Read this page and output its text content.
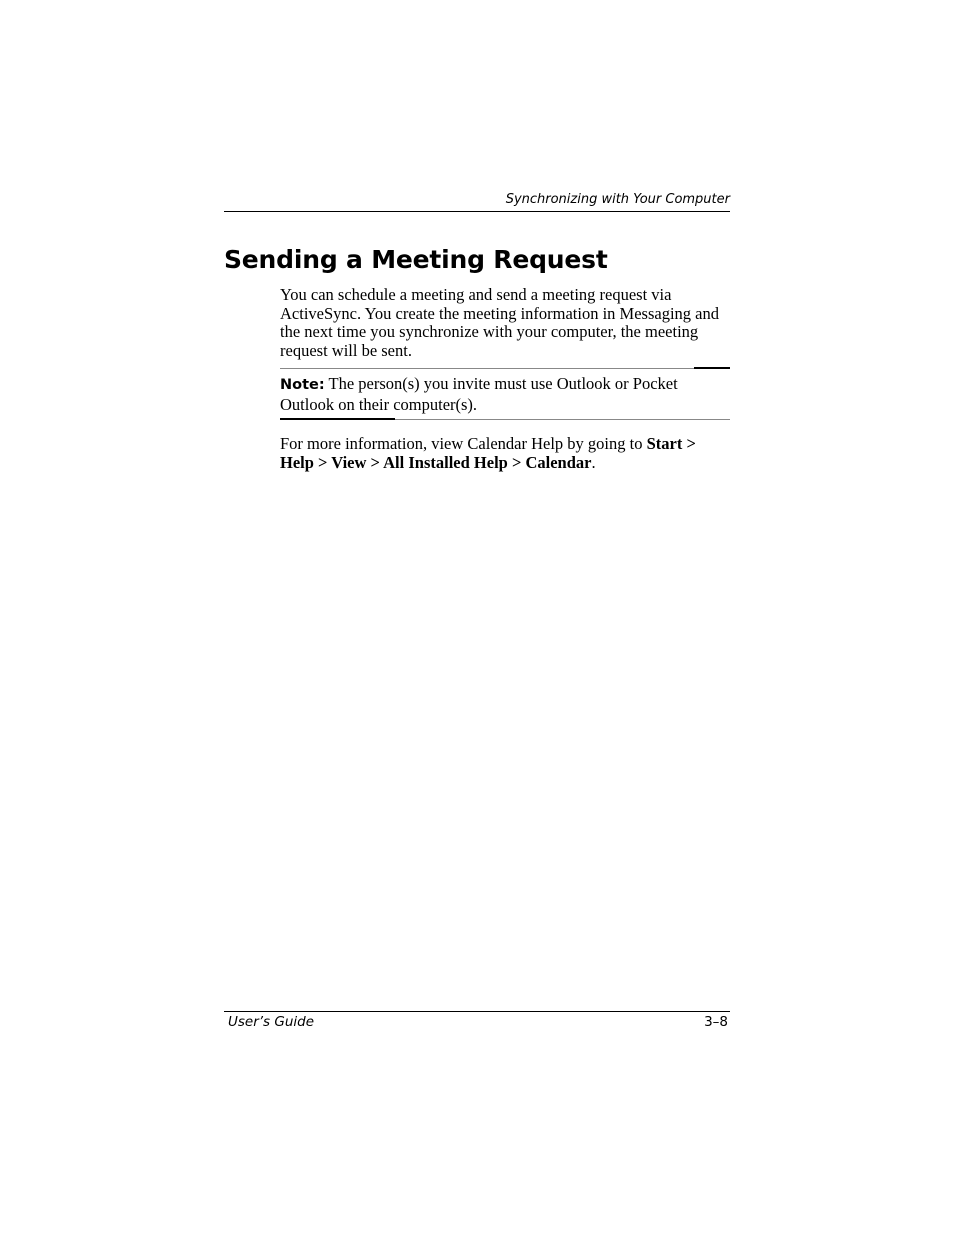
Synchronizing with Your Computer
Sending a Meeting Request

You can schedule a meeting and send a meeting request via ActiveSync. You create the meeting information in Messaging and the next time you synchronize with your computer, the meeting request will be sent.

Note: The person(s) you invite must use Outlook or Pocket Outlook on their computer(s).

For more information, view Calendar Help by going to Start > Help > View > All Installed Help > Calendar.

User’s Guide	3–8
